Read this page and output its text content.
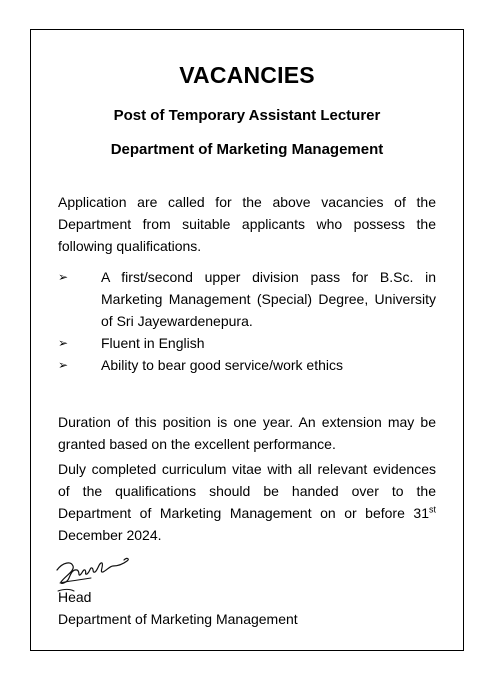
VACANCIES
Post of Temporary Assistant Lecturer
Department of Marketing Management

Application are called for the above vacancies of the Department from suitable applicants who possess the following qualifications.

➢ A first/second upper division pass for B.Sc. in Marketing Management (Special) Degree, University of Sri Jayewardenepura.
➢ Fluent in English
➢ Ability to bear good service/work ethics

Duration of this position is one year. An extension may be granted based on the excellent performance.

Duly completed curriculum vitae with all relevant evidences of the qualifications should be handed over to the Department of Marketing Management on or before 31st December 2024.

Head
Department of Marketing Management
